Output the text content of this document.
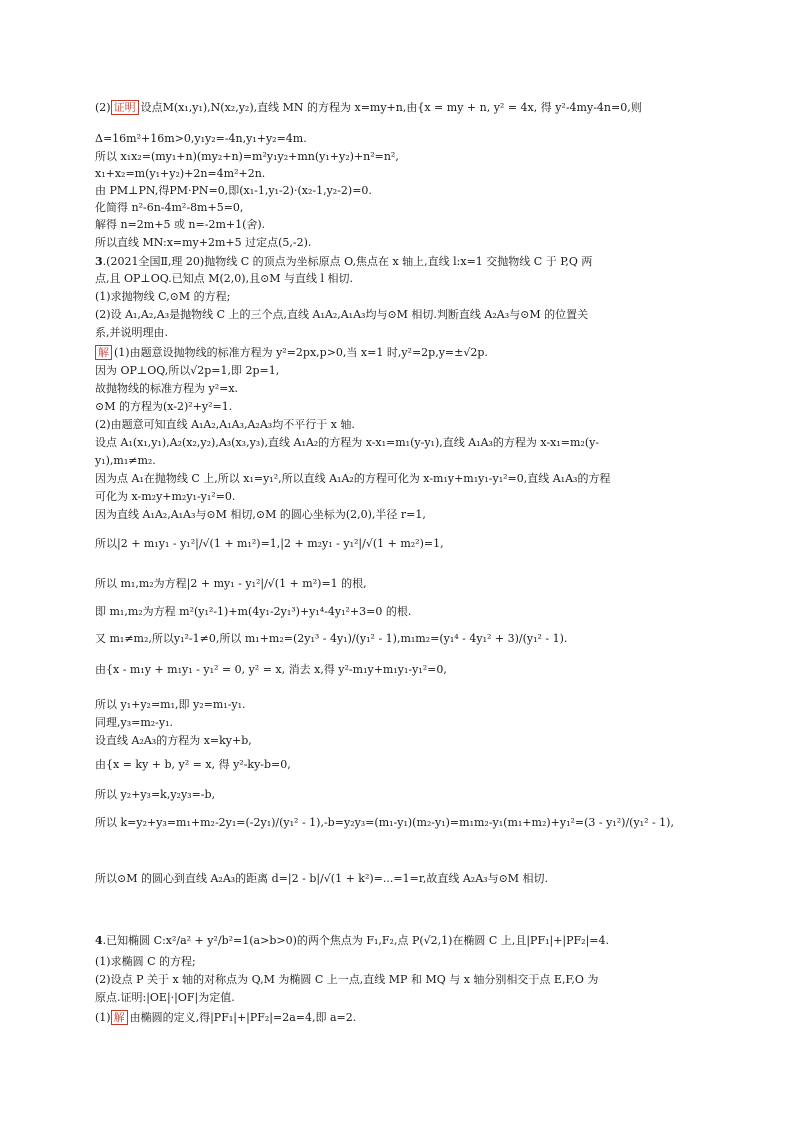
(2) 证明 设点M(x₁,y₁),N(x₂,y₂),直线 MN 的方程为 x=my+n,由{x = my + n, y² = 4x, 得 y²-4my-4n=0,则
Δ=16m²+16m>0,y₁y₂=-4n,y₁+y₂=4m.
所以 x₁x₂=(my₁+n)(my₂+n)=m²y₁y₂+mn(y₁+y₂)+n²=n²,
x₁+x₂=m(y₁+y₂)+2n=4m²+2n.
由 PM⊥PN,得PM·PN=0,即(x₁-1,y₁-2)·(x₂-1,y₂-2)=0.
化简得 n²-6n-4m²-8m+5=0,
解得 n=2m+5 或 n=-2m+1(舍).
所以直线 MN:x=my+2m+5 过定点(5,-2).
3.(2021全国Ⅱ,理 20)抛物线 C 的顶点为坐标原点 O,焦点在 x 轴上,直线 l:x=1 交抛物线 C 于 P,Q 两
点,且 OP⊥OQ.已知点 M(2,0),且⊙M 与直线 l 相切.
(1)求抛物线 C,⊙M 的方程;
(2)设 A₁,A₂,A₃是抛物线 C 上的三个点,直线 A₁A₂,A₁A₃均与⊙M 相切.判断直线 A₂A₃与⊙M 的位置关
系,并说明理由.
解 (1)由题意设抛物线的标准方程为 y²=2px,p>0,当 x=1 时,y²=2p,y=±√2p.
因为 OP⊥OQ,所以√2p=1,即 2p=1,
故抛物线的标准方程为 y²=x.
⊙M 的方程为(x-2)²+y²=1.
(2)由题意可知直线 A₁A₂,A₁A₃,A₂A₃均不平行于 x 轴.
设点 A₁(x₁,y₁),A₂(x₂,y₂),A₃(x₃,y₃),直线 A₁A₂的方程为 x-x₁=m₁(y-y₁),直线 A₁A₃的方程为 x-x₁=m₂(y-
y₁),m₁≠m₂.
因为点 A₁在抛物线 C 上,所以 x₁=y₁²,所以直线 A₁A₂的方程可化为 x-m₁y+m₁y₁-y₁²=0,直线 A₁A₃的方程
可化为 x-m₂y+m₂y₁-y₁²=0.
因为直线 A₁A₂,A₁A₃与⊙M 相切,⊙M 的圆心坐标为(2,0),半径 r=1,
所以|2 + m₁y₁ - y₁²|/√(1 + m₁²)=1,|2 + m₂y₁ - y₁²|/√(1 + m₂²)=1,
所以 m₁,m₂为方程|2 + my₁ - y₁²|/√(1 + m²)=1 的根,
即 m₁,m₂为方程 m²(y₁²-1)+m(4y₁-2y₁³)+y₁⁴-4y₁²+3=0 的根.
又 m₁≠m₂,所以y₁²-1≠0,所以 m₁+m₂=(2y₁³ - 4y₁)/(y₁² - 1),m₁m₂=(y₁⁴ - 4y₁² + 3)/(y₁² - 1).
由{x - m₁y + m₁y₁ - y₁² = 0, y² = x, 消去 x,得 y²-m₁y+m₁y₁-y₁²=0,
所以 y₁+y₂=m₁,即 y₂=m₁-y₁.
同理,y₃=m₂-y₁.
设直线 A₂A₃的方程为 x=ky+b,
由{x = ky + b, y² = x, 得 y²-ky-b=0,
所以 y₂+y₃=k,y₂y₃=-b,
所以 k=y₂+y₃=m₁+m₂-2y₁=(-2y₁)/(y₁² - 1),-b=y₂y₃=(m₁-y₁)(m₂-y₁)=m₁m₂-y₁(m₁+m₂)+y₁²=(3 - y₁²)/(y₁² - 1),
所以⊙M 的圆心到直线 A₂A₃的距离 d=|2 - b|/√(1 + k²)=...=1=r,故直线 A₂A₃与⊙M 相切.
4.已知椭圆 C:x²/a² + y²/b²=1(a>b>0)的两个焦点为 F₁,F₂,点 P(√2,1)在椭圆 C 上,且|PF₁|+|PF₂|=4.
(1)求椭圆 C 的方程;
(2)设点 P 关于 x 轴的对称点为 Q,M 为椭圆 C 上一点,直线 MP 和 MQ 与 x 轴分别相交于点 E,F,O 为
原点.证明:|OE|·|OF|为定值.
(1) 解 由椭圆的定义,得|PF₁|+|PF₂|=2a=4,即 a=2.
